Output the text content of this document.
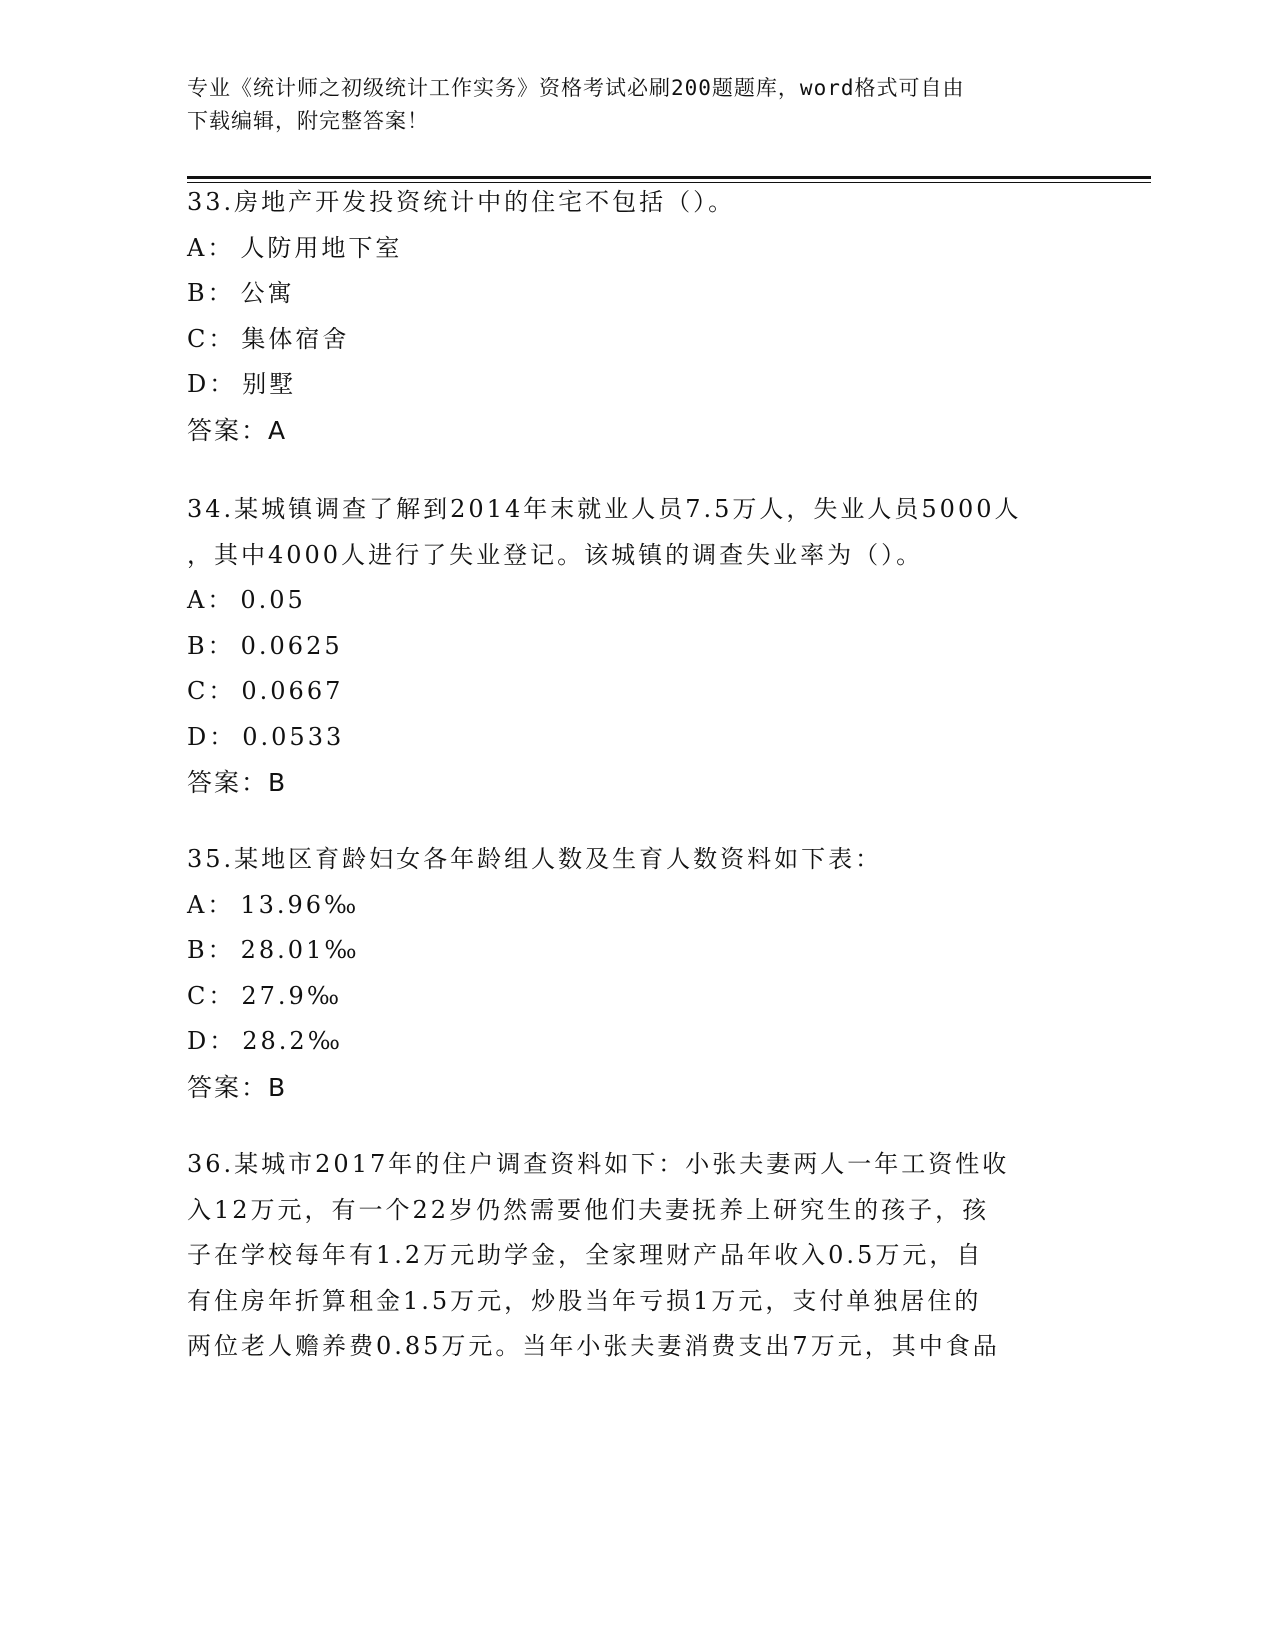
专业《统计师之初级统计工作实务》资格考试必刷200题题库，word格式可自由
下载编辑，附完整答案！
33.房地产开发投资统计中的住宅不包括（）。
A： 人防用地下室
B： 公寓
C： 集体宿舍
D： 别墅
答案：A
34.某城镇调查了解到2014年末就业人员7.5万人，失业人员5000人
，其中4000人进行了失业登记。该城镇的调查失业率为（）。
A： 0.05
B： 0.0625
C： 0.0667
D： 0.0533
答案：B
35.某地区育龄妇女各年龄组人数及生育人数资料如下表：
A： 13.96‰
B： 28.01‰
C： 27.9‰
D： 28.2‰
答案：B
36.某城市2017年的住户调查资料如下：小张夫妻两人一年工资性收
入12万元，有一个22岁仍然需要他们夫妻抚养上研究生的孩子，孩
子在学校每年有1.2万元助学金，全家理财产品年收入0.5万元，自
有住房年折算租金1.5万元，炒股当年亏损1万元，支付单独居住的
两位老人赡养费0.85万元。当年小张夫妻消费支出7万元，其中食品
